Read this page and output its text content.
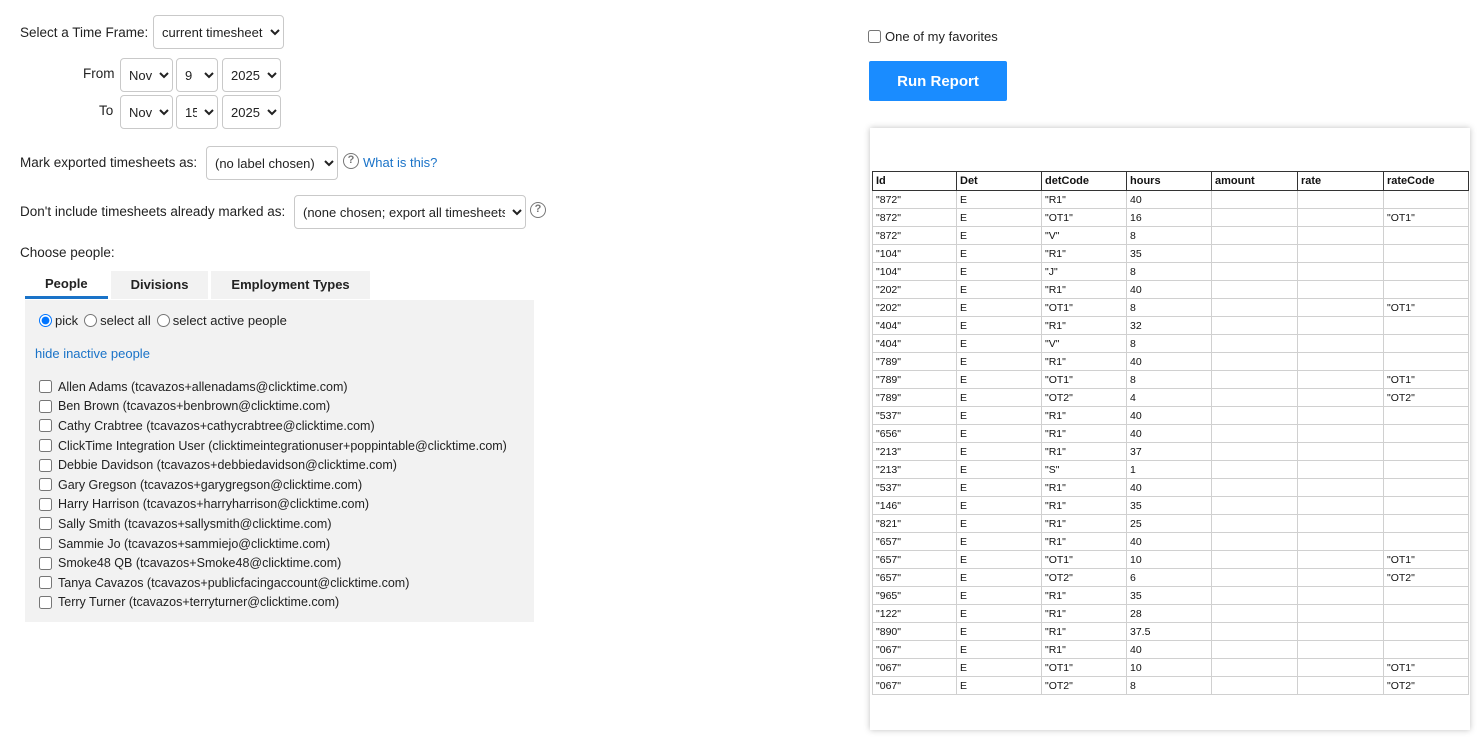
Select a Time Frame:
current timesheet
From
Nov
9
2025
To
Nov
15
2025
Mark exported timesheets as:
(no label chosen)	? What is this?
Don't include timesheets already marked as:
(none chosen; export all timesheets)	?
Choose people:
People	Divisions	Employment Types
pick select all select active people
hide inactive people
Allen Adams (tcavazos+allenadams@clicktime.com)
Ben Brown (tcavazos+benbrown@clicktime.com)
Cathy Crabtree (tcavazos+cathycrabtree@clicktime.com)
ClickTime Integration User (clicktimeintegrationuser+poppintable@clicktime.com)
Debbie Davidson (tcavazos+debbiedavidson@clicktime.com)
Gary Gregson (tcavazos+garygregson@clicktime.com)
Harry Harrison (tcavazos+harryharrison@clicktime.com)
Sally Smith (tcavazos+sallysmith@clicktime.com)
Sammie Jo (tcavazos+sammiejo@clicktime.com)
Smoke48 QB (tcavazos+Smoke48@clicktime.com)
Tanya Cavazos (tcavazos+publicfacingaccount@clicktime.com)
Terry Turner (tcavazos+terryturner@clicktime.com)
One of my favorites
Run Report
Id	Det	detCode	hours	amount	rate	rateCode
"872"	E	"R1"	40			
"872"	E	"OT1"	16			"OT1"
"872"	E	"V"	8			
"104"	E	"R1"	35			
"104"	E	"J"	8			
"202"	E	"R1"	40			
"202"	E	"OT1"	8			"OT1"
"404"	E	"R1"	32			
"404"	E	"V"	8			
"789"	E	"R1"	40			
"789"	E	"OT1"	8			"OT1"
"789"	E	"OT2"	4			"OT2"
"537"	E	"R1"	40			
"656"	E	"R1"	40			
"213"	E	"R1"	37			
"213"	E	"S"	1			
"537"	E	"R1"	40			
"146"	E	"R1"	35			
"821"	E	"R1"	25			
"657"	E	"R1"	40			
"657"	E	"OT1"	10			"OT1"
"657"	E	"OT2"	6			"OT2"
"965"	E	"R1"	35			
"122"	E	"R1"	28			
"890"	E	"R1"	37.5			
"067"	E	"R1"	40			
"067"	E	"OT1"	10			"OT1"
"067"	E	"OT2"	8			"OT2"
